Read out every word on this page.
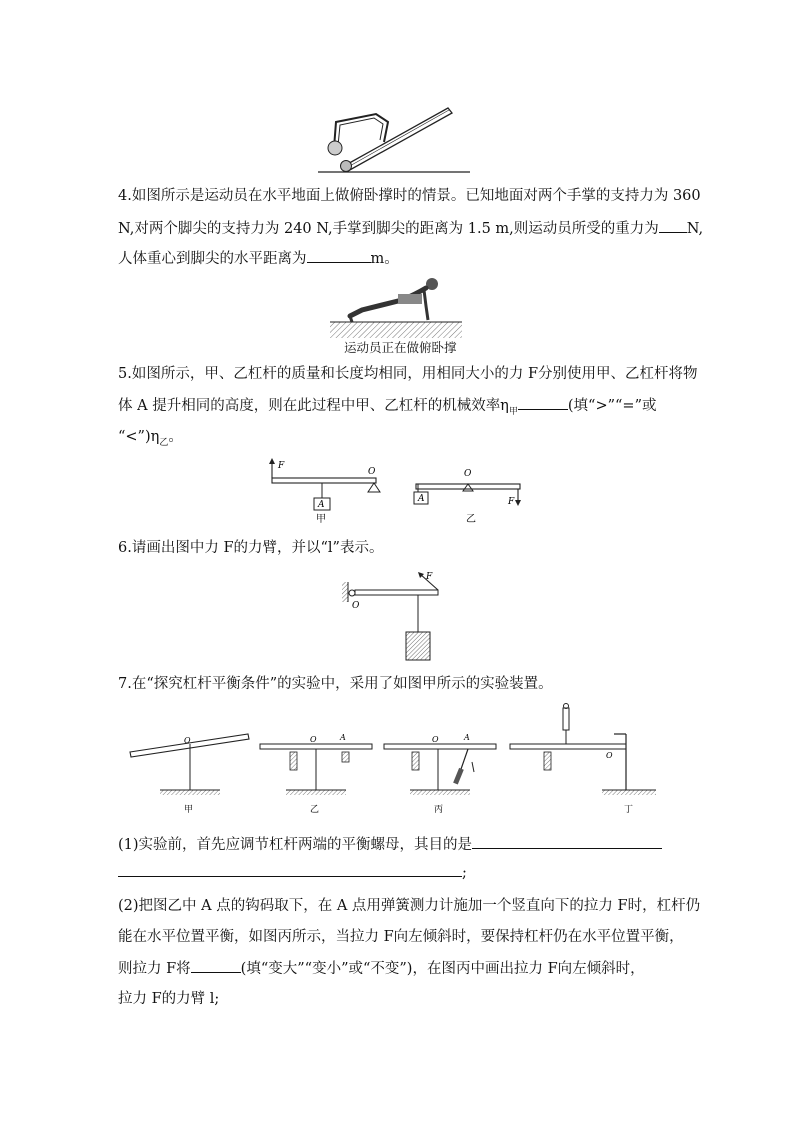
4.如图所示是运动员在水平地面上做俯卧撑时的情景。已知地面对两个手掌的支持力为 360
N,对两个脚尖的支持力为 240 N,手掌到脚尖的距离为 1.5 m,则运动员所受的重力为 N,
人体重心到脚尖的水平距离为	m。
运动员正在做俯卧撑
5.如图所示，甲、乙杠杆的质量和长度均相同，用相同大小的力 F分别使用甲、乙杠杆将物
体 A 提升相同的高度，则在此过程中甲、乙杠杆的机械效率$\eta_甲$	(填“>”“=”或
“$<”)\eta_乙$。
F
O
A
甲
A
O
F
乙
6.请画出图中力 F的力臂，并以“l”表示。
O
F
7.在“探究杠杆平衡条件”的实验中，采用了如图甲所示的实验装置。
O
甲
O	A
乙
O	A
丙
O
丁
(1)实验前，首先应调节杠杆两端的平衡螺母，其目的是
;
(2)把图乙中 A 点的钩码取下，在 A 点用弹簧测力计施加一个竖直向下的拉力 F时，杠杆仍
能在水平位置平衡，如图丙所示，当拉力 F向左倾斜时，要保持杠杆仍在水平位置平衡，
则拉力 F将	(填“变大”“变小”或“不变”)，在图丙中画出拉力 F向左倾斜时，
拉力 F的力臂 l;
